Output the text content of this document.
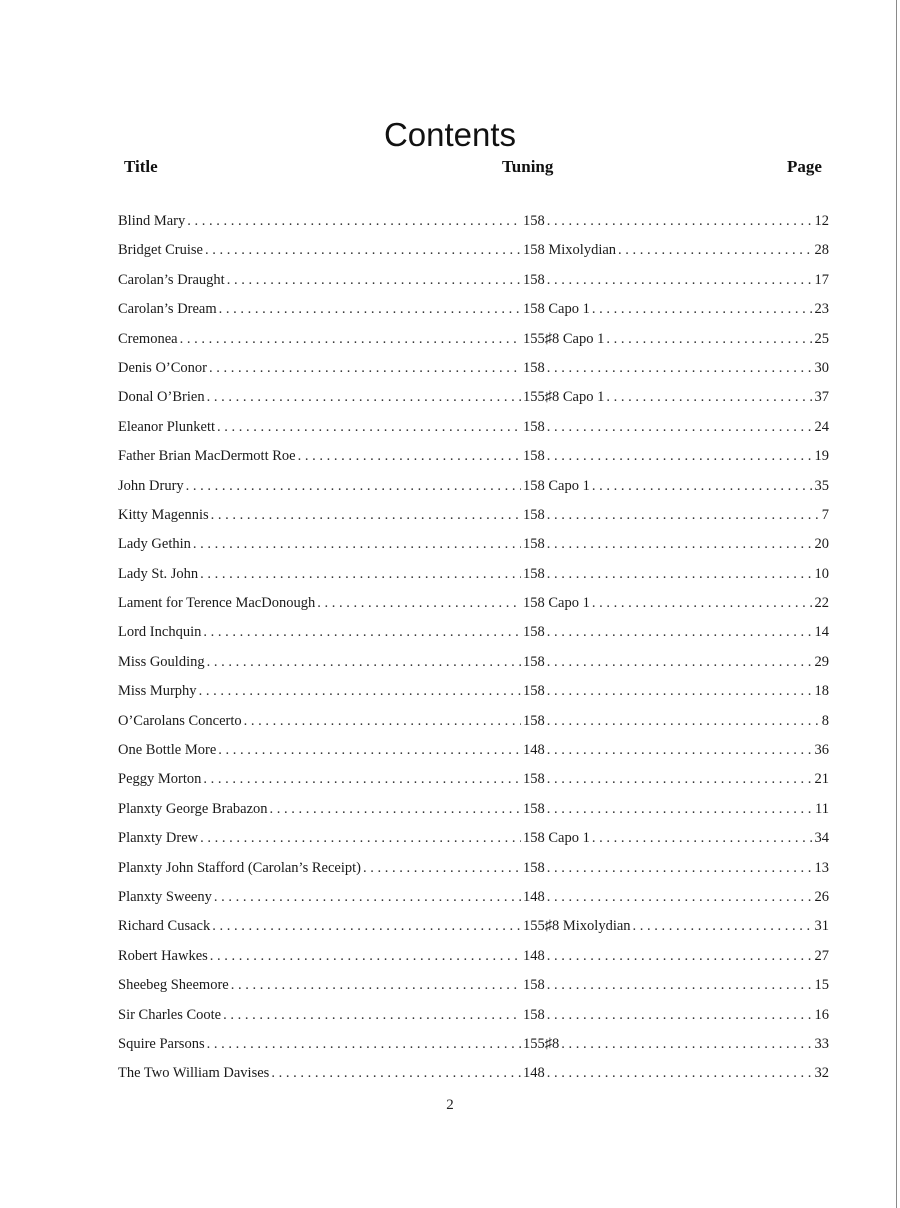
Contents
Title	Tuning	Page
Blind Mary . . .	158 . . .	12
Bridget Cruise . . .	158 Mixolydian . . .	28
Carolan’s Draught . . .	158 . . .	17
Carolan’s Dream . . .	158 Capo 1 . . .	23
Cremonea . . .	155♯8 Capo 1 . . .	25
Denis O’Conor . . .	158 . . .	30
Donal O’Brien . . .	155♯8 Capo 1 . . .	37
Eleanor Plunkett . . .	158 . . .	24
Father Brian MacDermott Roe . . .	158 . . .	19
John Drury . . .	158 Capo 1 . . .	35
Kitty Magennis . . .	158 . . .	7
Lady Gethin . . .	158 . . .	20
Lady St. John . . .	158 . . .	10
Lament for Terence MacDonough . . .	158 Capo 1 . . .	22
Lord Inchquin . . .	158 . . .	14
Miss Goulding . . .	158 . . .	29
Miss Murphy . . .	158 . . .	18
O’Carolans Concerto . . .	158 . . .	8
One Bottle More . . .	148 . . .	36
Peggy Morton . . .	158 . . .	21
Planxty George Brabazon . . .	158 . . .	11
Planxty Drew . . .	158 Capo 1 . . .	34
Planxty John Stafford (Carolan’s Receipt) . . .	158 . . .	13
Planxty Sweeny . . .	148 . . .	26
Richard Cusack . . .	155♯8 Mixolydian . . .	31
Robert Hawkes . . .	148 . . .	27
Sheebeg Sheemore . . .	158 . . .	15
Sir Charles Coote . . .	158 . . .	16
Squire Parsons . . .	155♯8 . . .	33
The Two William Davises . . .	148 . . .	32
2
